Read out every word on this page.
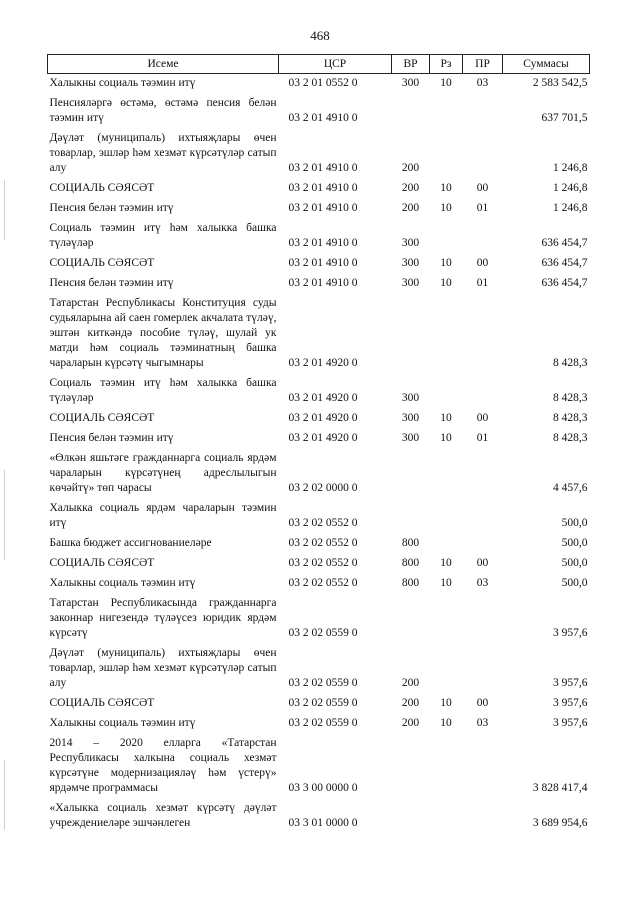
468
Исеме	ЦСР	ВР	Рз	ПР	Суммасы
Халыкны социаль тәэмин итү	03 2 01 0552 0	300	10	03	2 583 542,5
Пенсияләргә өстәмә, өстәмә пенсия белән тәэмин итү	03 2 01 4910 0				637 701,5
Дәүләт (муниципаль) ихтыяҗлары өчен товарлар, эшләр һәм хезмәт күрсәтүләр сатып алу	03 2 01 4910 0	200			1 246,8
СОЦИАЛЬ СӘЯСӘТ	03 2 01 4910 0	200	10	00	1 246,8
Пенсия белән тәэмин итү	03 2 01 4910 0	200	10	01	1 246,8
Социаль тәэмин итү һәм халыкка башка түләүләр	03 2 01 4910 0	300			636 454,7
СОЦИАЛЬ СӘЯСӘТ	03 2 01 4910 0	300	10	00	636 454,7
Пенсия белән тәэмин итү	03 2 01 4910 0	300	10	01	636 454,7
Татарстан Республикасы Конституция суды судьяларына ай саен гомерлек акчалата түләү, эштән киткәндә пособие түләү, шулай ук матди һәм социаль тәэминатның башка чараларын күрсәтү чыгымнары	03 2 01 4920 0				8 428,3
Социаль тәэмин итү һәм халыкка башка түләүләр	03 2 01 4920 0	300			8 428,3
СОЦИАЛЬ СӘЯСӘТ	03 2 01 4920 0	300	10	00	8 428,3
Пенсия белән тәэмин итү	03 2 01 4920 0	300	10	01	8 428,3
«Өлкән яшьтәге гражданнарга социаль ярдәм чараларын күрсәтүнең адреслылыгын көчәйтү» төп чарасы	03 2 02 0000 0				4 457,6
Халыкка социаль ярдәм чараларын тәэмин итү	03 2 02 0552 0				500,0
Башка бюджет ассигнованиеләре	03 2 02 0552 0	800			500,0
СОЦИАЛЬ СӘЯСӘТ	03 2 02 0552 0	800	10	00	500,0
Халыкны социаль тәэмин итү	03 2 02 0552 0	800	10	03	500,0
Татарстан Республикасында гражданнарга законнар нигезендә түләүсез юридик ярдәм күрсәтү	03 2 02 0559 0				3 957,6
Дәүләт (муниципаль) ихтыяҗлары өчен товарлар, эшләр һәм хезмәт күрсәтүләр сатып алу	03 2 02 0559 0	200			3 957,6
СОЦИАЛЬ СӘЯСӘТ	03 2 02 0559 0	200	10	00	3 957,6
Халыкны социаль тәэмин итү	03 2 02 0559 0	200	10	03	3 957,6
2014 – 2020 елларга «Татарстан Республикасы халкына социаль хезмәт күрсәтүне модернизацияләү һәм үстерү» ярдәмче программасы	03 3 00 0000 0				3 828 417,4
«Халыкка социаль хезмәт күрсәтү дәүләт учреждениеләре эшчәнлеген	03 3 01 0000 0				3 689 954,6
